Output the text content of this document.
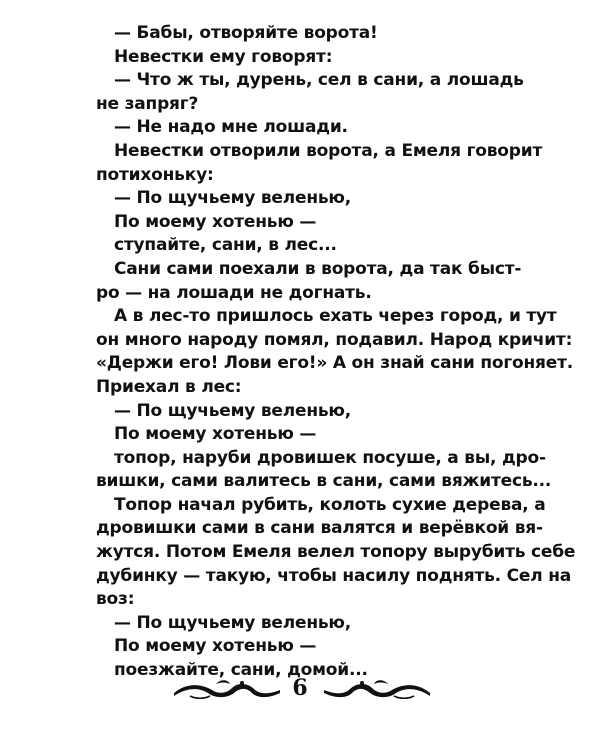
— Бабы, отворяйте ворота!
Невестки ему говорят:
— Что ж ты, дурень, сел в сани, а лошадь
не запряг?
— Не надо мне лошади.
Невестки отворили ворота, а Емеля говорит
потихоньку:
— По щучьему веленью,
По моему хотенью —
ступайте, сани, в лес...
Сани сами поехали в ворота, да так быст-
ро — на лошади не догнать.
А в лес-то пришлось ехать через город, и тут
он много народу помял, подавил. Народ кричит:
«Держи его! Лови его!» А он знай сани погоняет.
Приехал в лес:
— По щучьему веленью,
По моему хотенью —
топор, наруби дровишек посуше, а вы, дро-
вишки, сами валитесь в сани, сами вяжитесь...
Топор начал рубить, колоть сухие дерева, а
дровишки сами в сани валятся и верёвкой вя-
жутся. Потом Емеля велел топору вырубить себе
дубинку — такую, чтобы насилу поднять. Сел на
воз:
— По щучьему веленью,
По моему хотенью —
поезжайте, сани, домой...
6
